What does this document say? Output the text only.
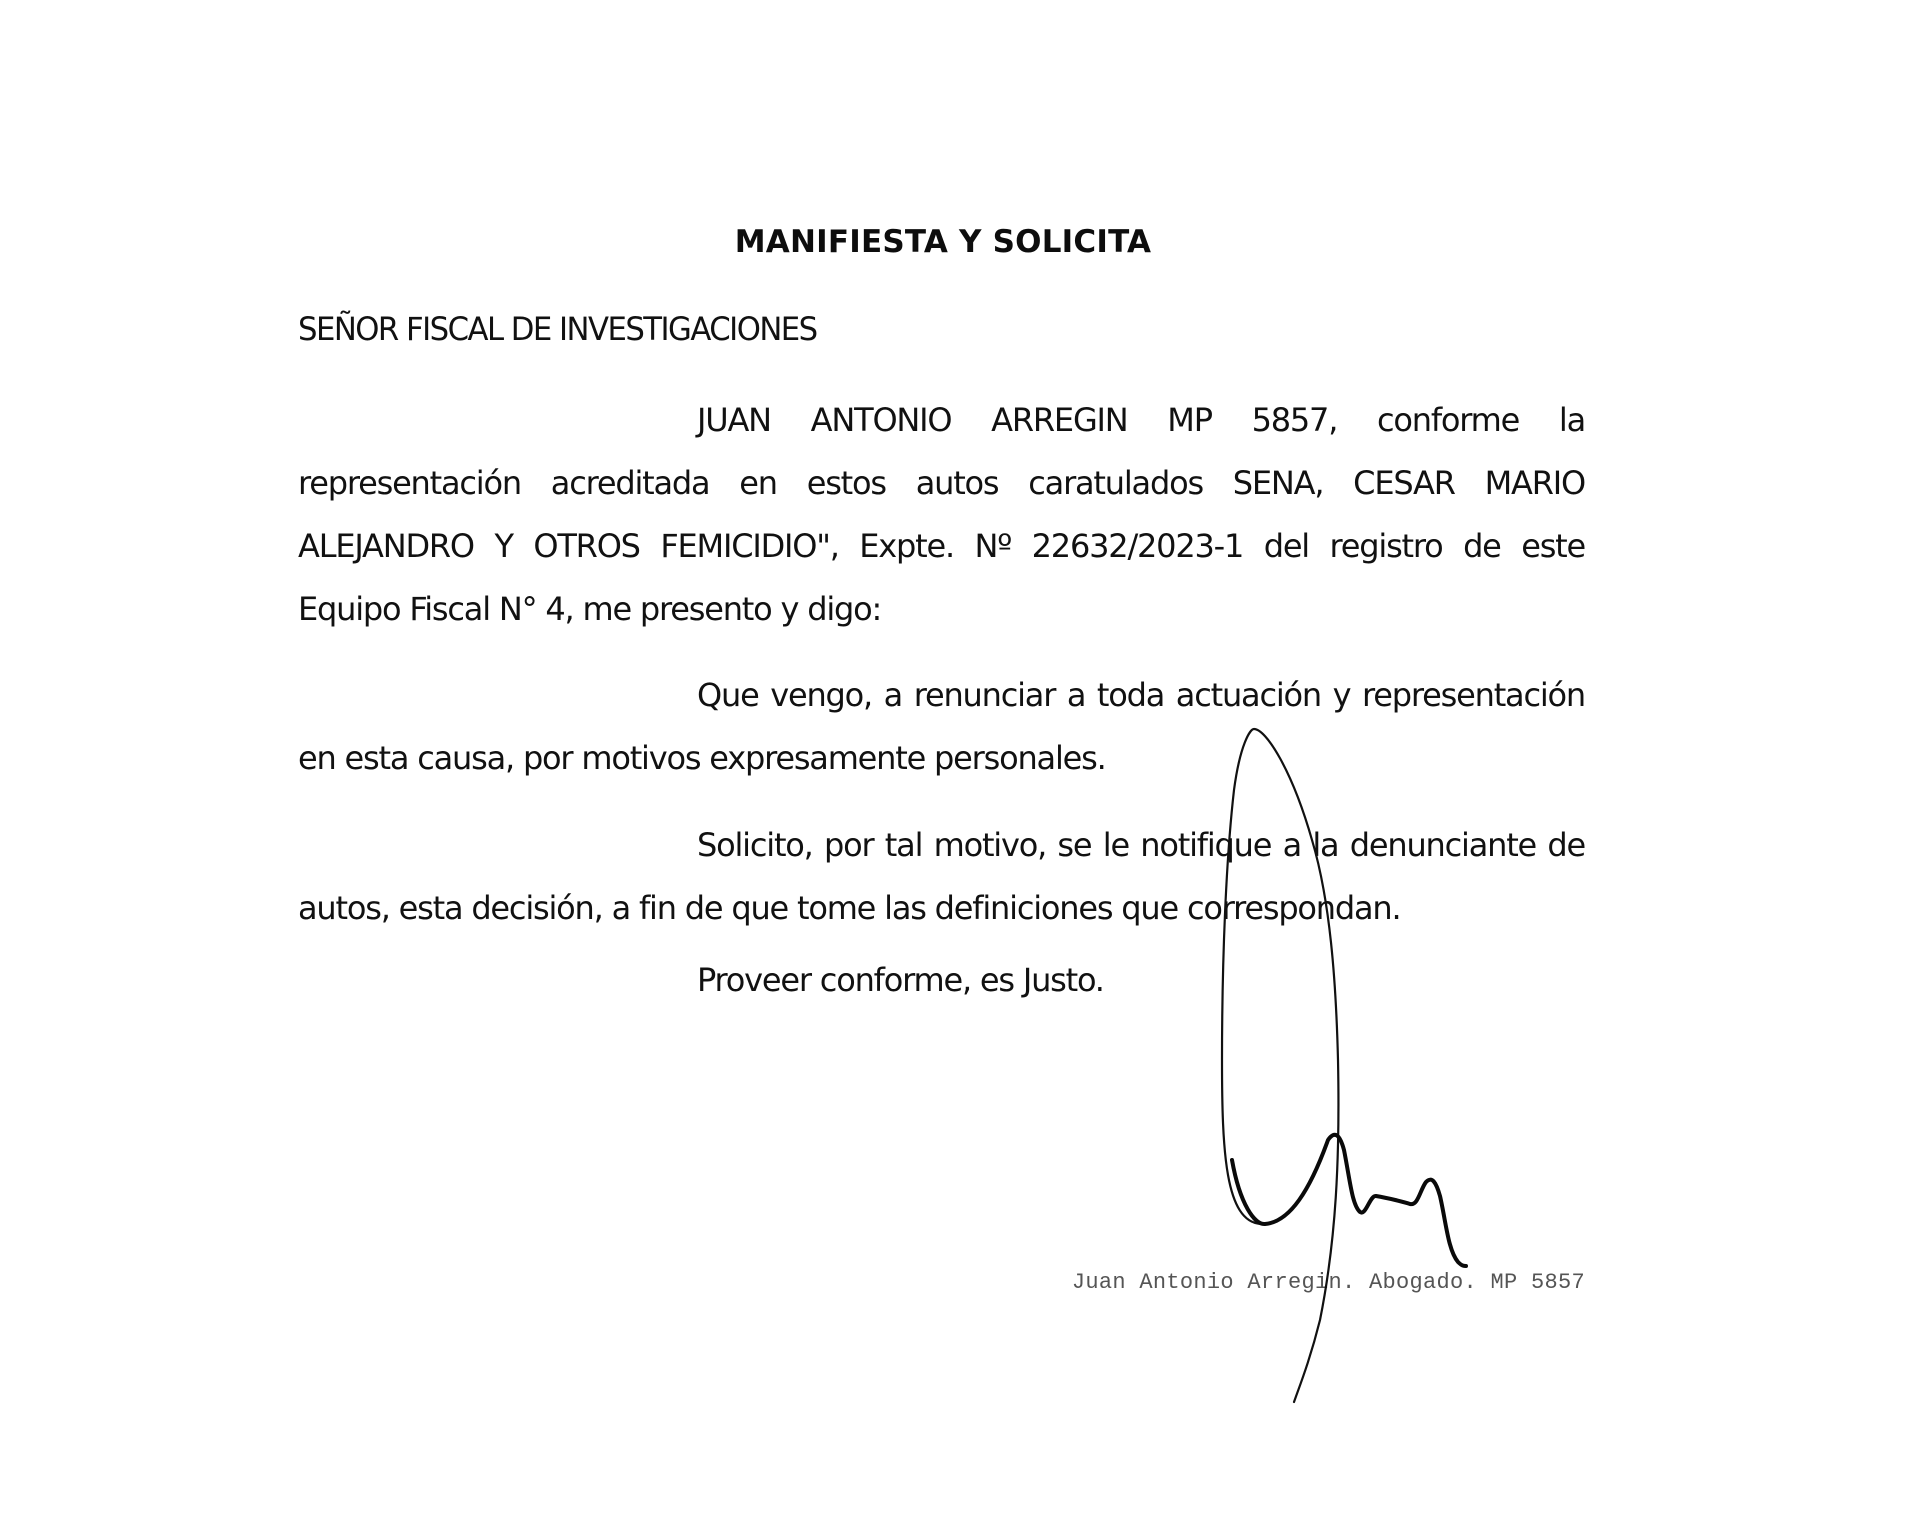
MANIFIESTA Y SOLICITA
SEÑOR FISCAL DE INVESTIGACIONES
JUAN ANTONIO ARREGIN MP 5857, conforme la
representación acreditada en estos autos caratulados SENA, CESAR MARIO
ALEJANDRO Y OTROS FEMICIDIO", Expte. Nº 22632/2023-1 del registro de este
Equipo Fiscal N° 4, me presento y digo:
Que vengo, a renunciar a toda actuación y representación
en esta causa, por motivos expresamente personales.
Solicito, por tal motivo, se le notifique a la denunciante de
autos, esta decisión, a fin de que tome las definiciones que correspondan.
Proveer conforme, es Justo.
Juan Antonio Arregin. Abogado. MP 5857
